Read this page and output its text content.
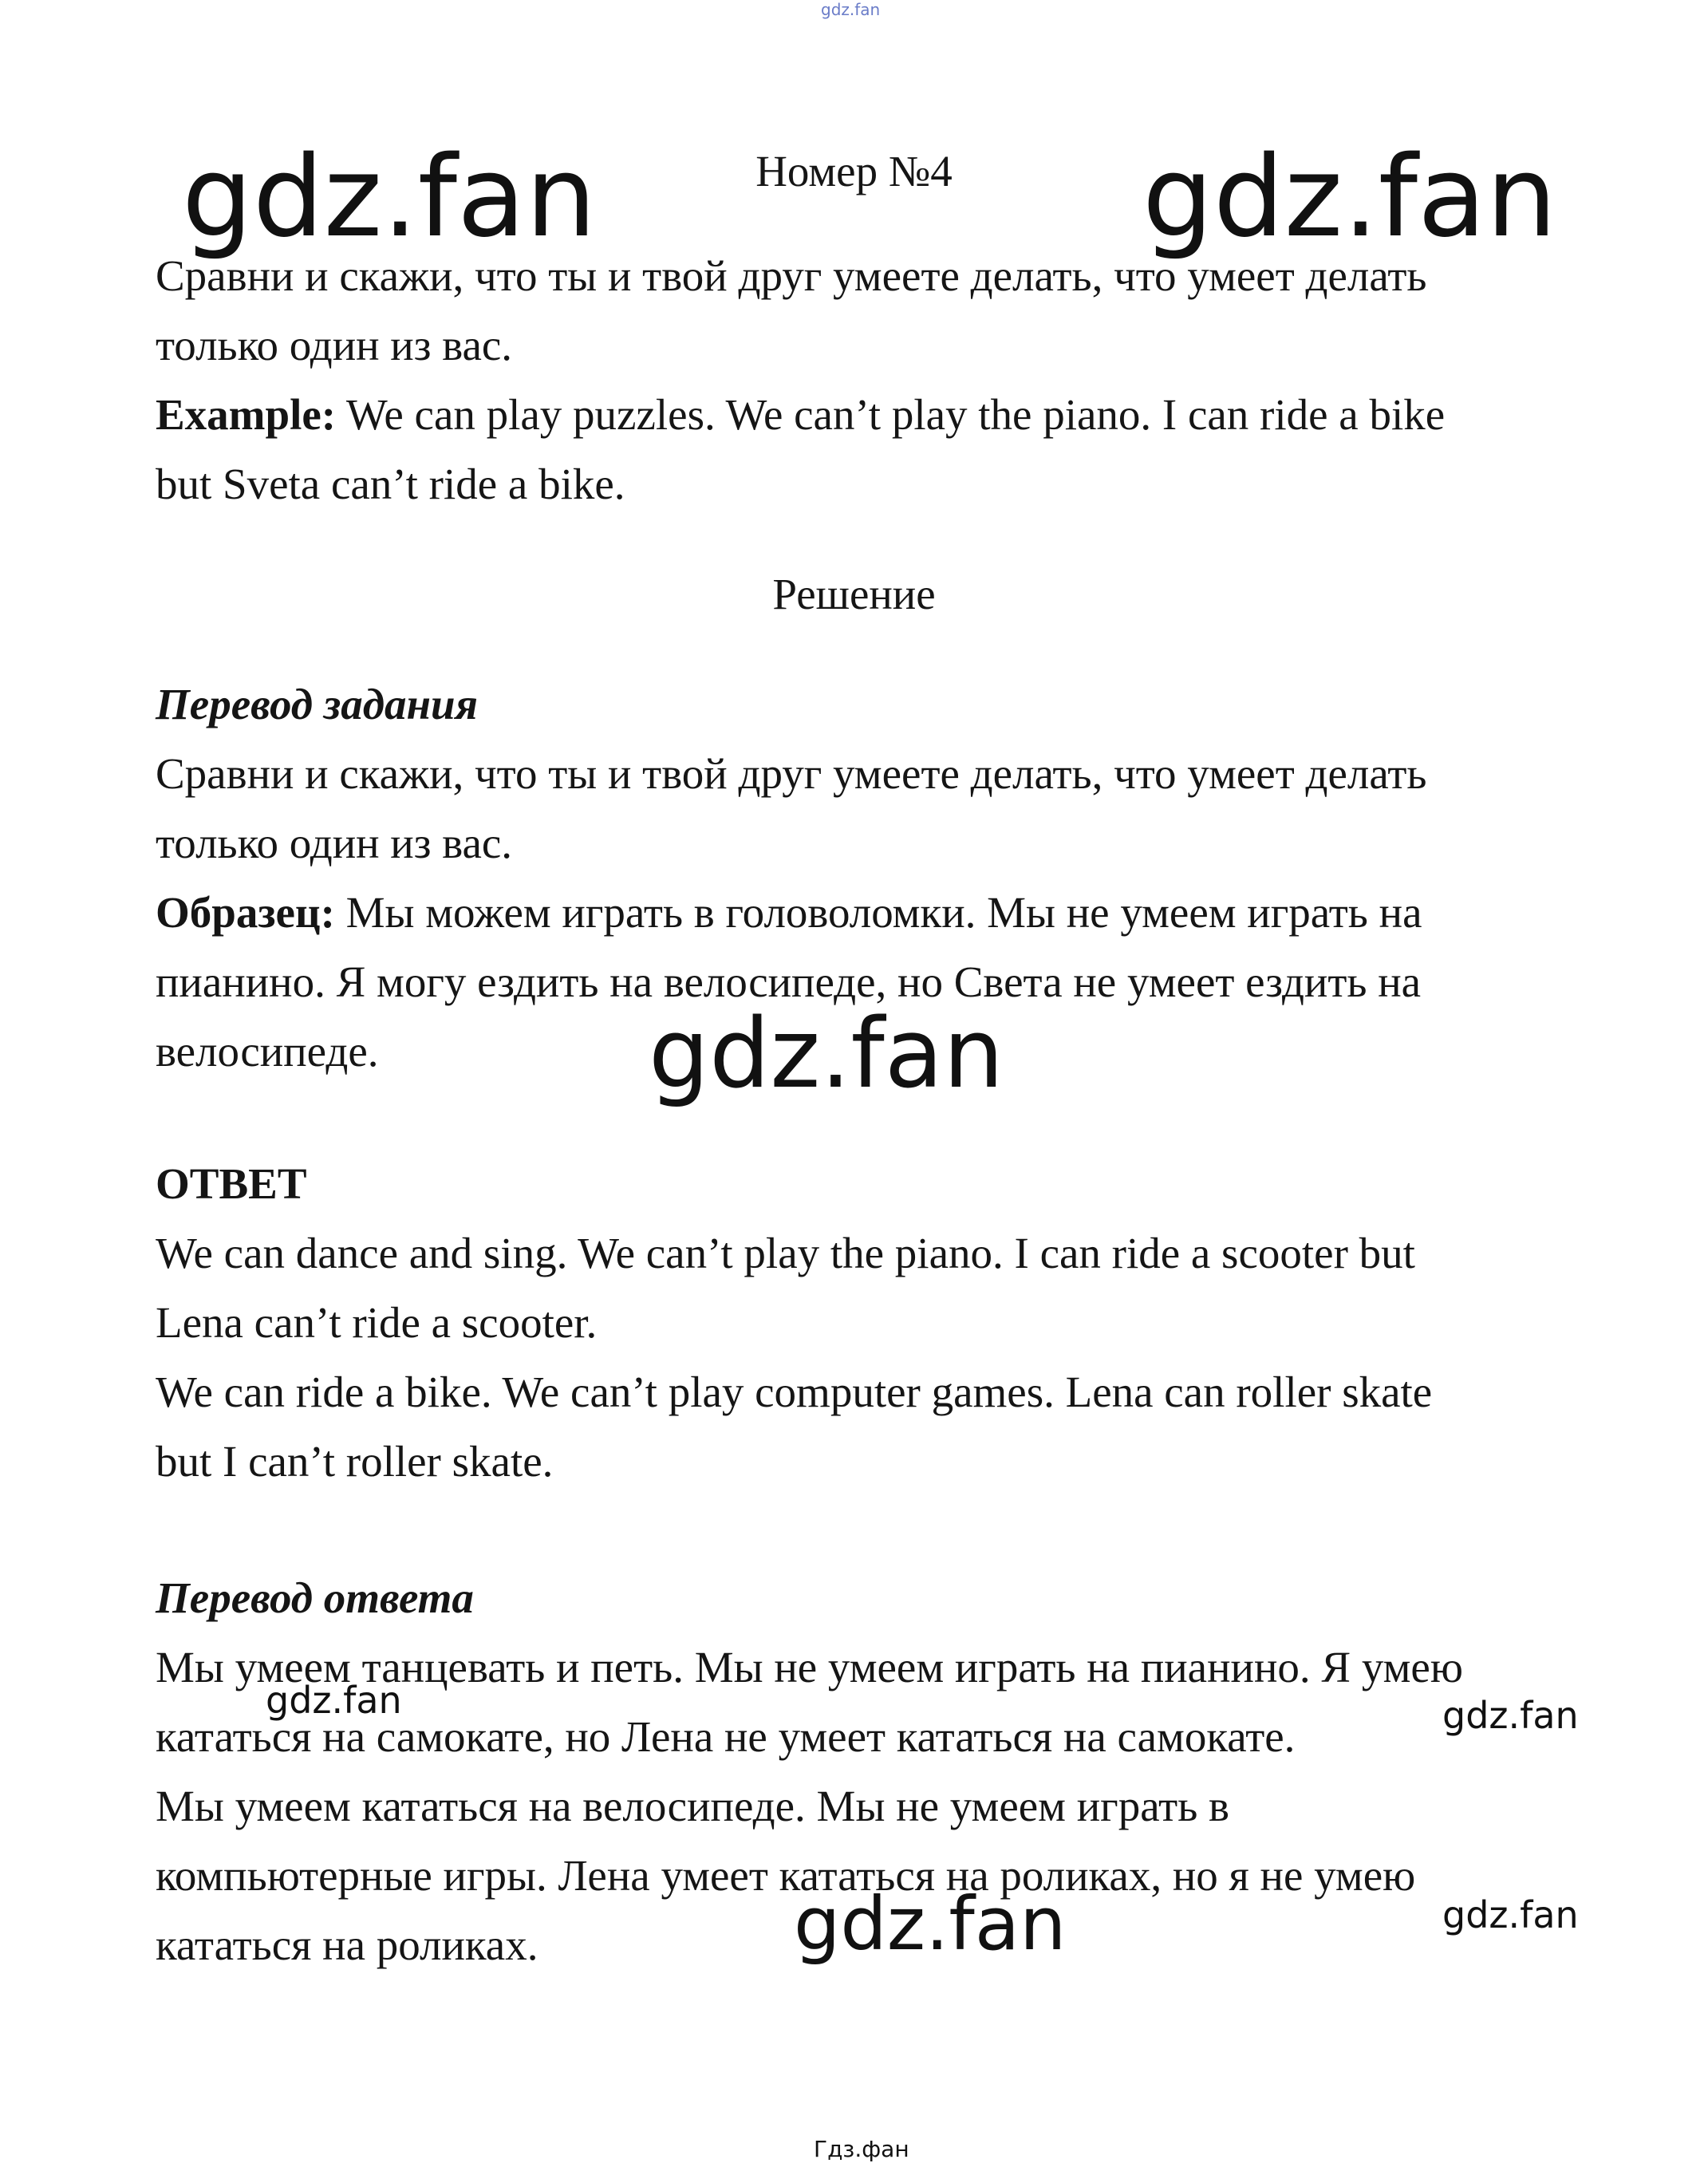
gdz.fan
Номер №4
gdz.fan	gdz.fan
Сравни и скажи, что ты и твой друг умеете делать, что умеет делать
только один из вас.
Example: We can play puzzles. We can’t play the piano. I can ride a bike
but Sveta can’t ride a bike.
Решение
Перевод задания
Сравни и скажи, что ты и твой друг умеете делать, что умеет делать
только один из вас.
Образец: Мы можем играть в головоломки. Мы не умеем играть на
пианино. Я могу ездить на велосипеде, но Света не умеет ездить на
велосипеде.	gdz.fan
ОТВЕТ
We can dance and sing. We can’t play the piano. I can ride a scooter but
Lena can’t ride a scooter.
We can ride a bike. We can’t play computer games. Lena can roller skate
but I can’t roller skate.
Перевод ответа
Мы умеем танцевать и петь. Мы не умеем играть на пианино. Я умею
кататься на самокате, но Лена не умеет кататься на самокате.
Мы умеем кататься на велосипеде. Мы не умеем играть в
компьютерные игры. Лена умеет кататься на роликах, но я не умею
кататься на роликах.
gdz.fan	gdz.fan
gdz.fan
gdz.fan
Гдз.фан
